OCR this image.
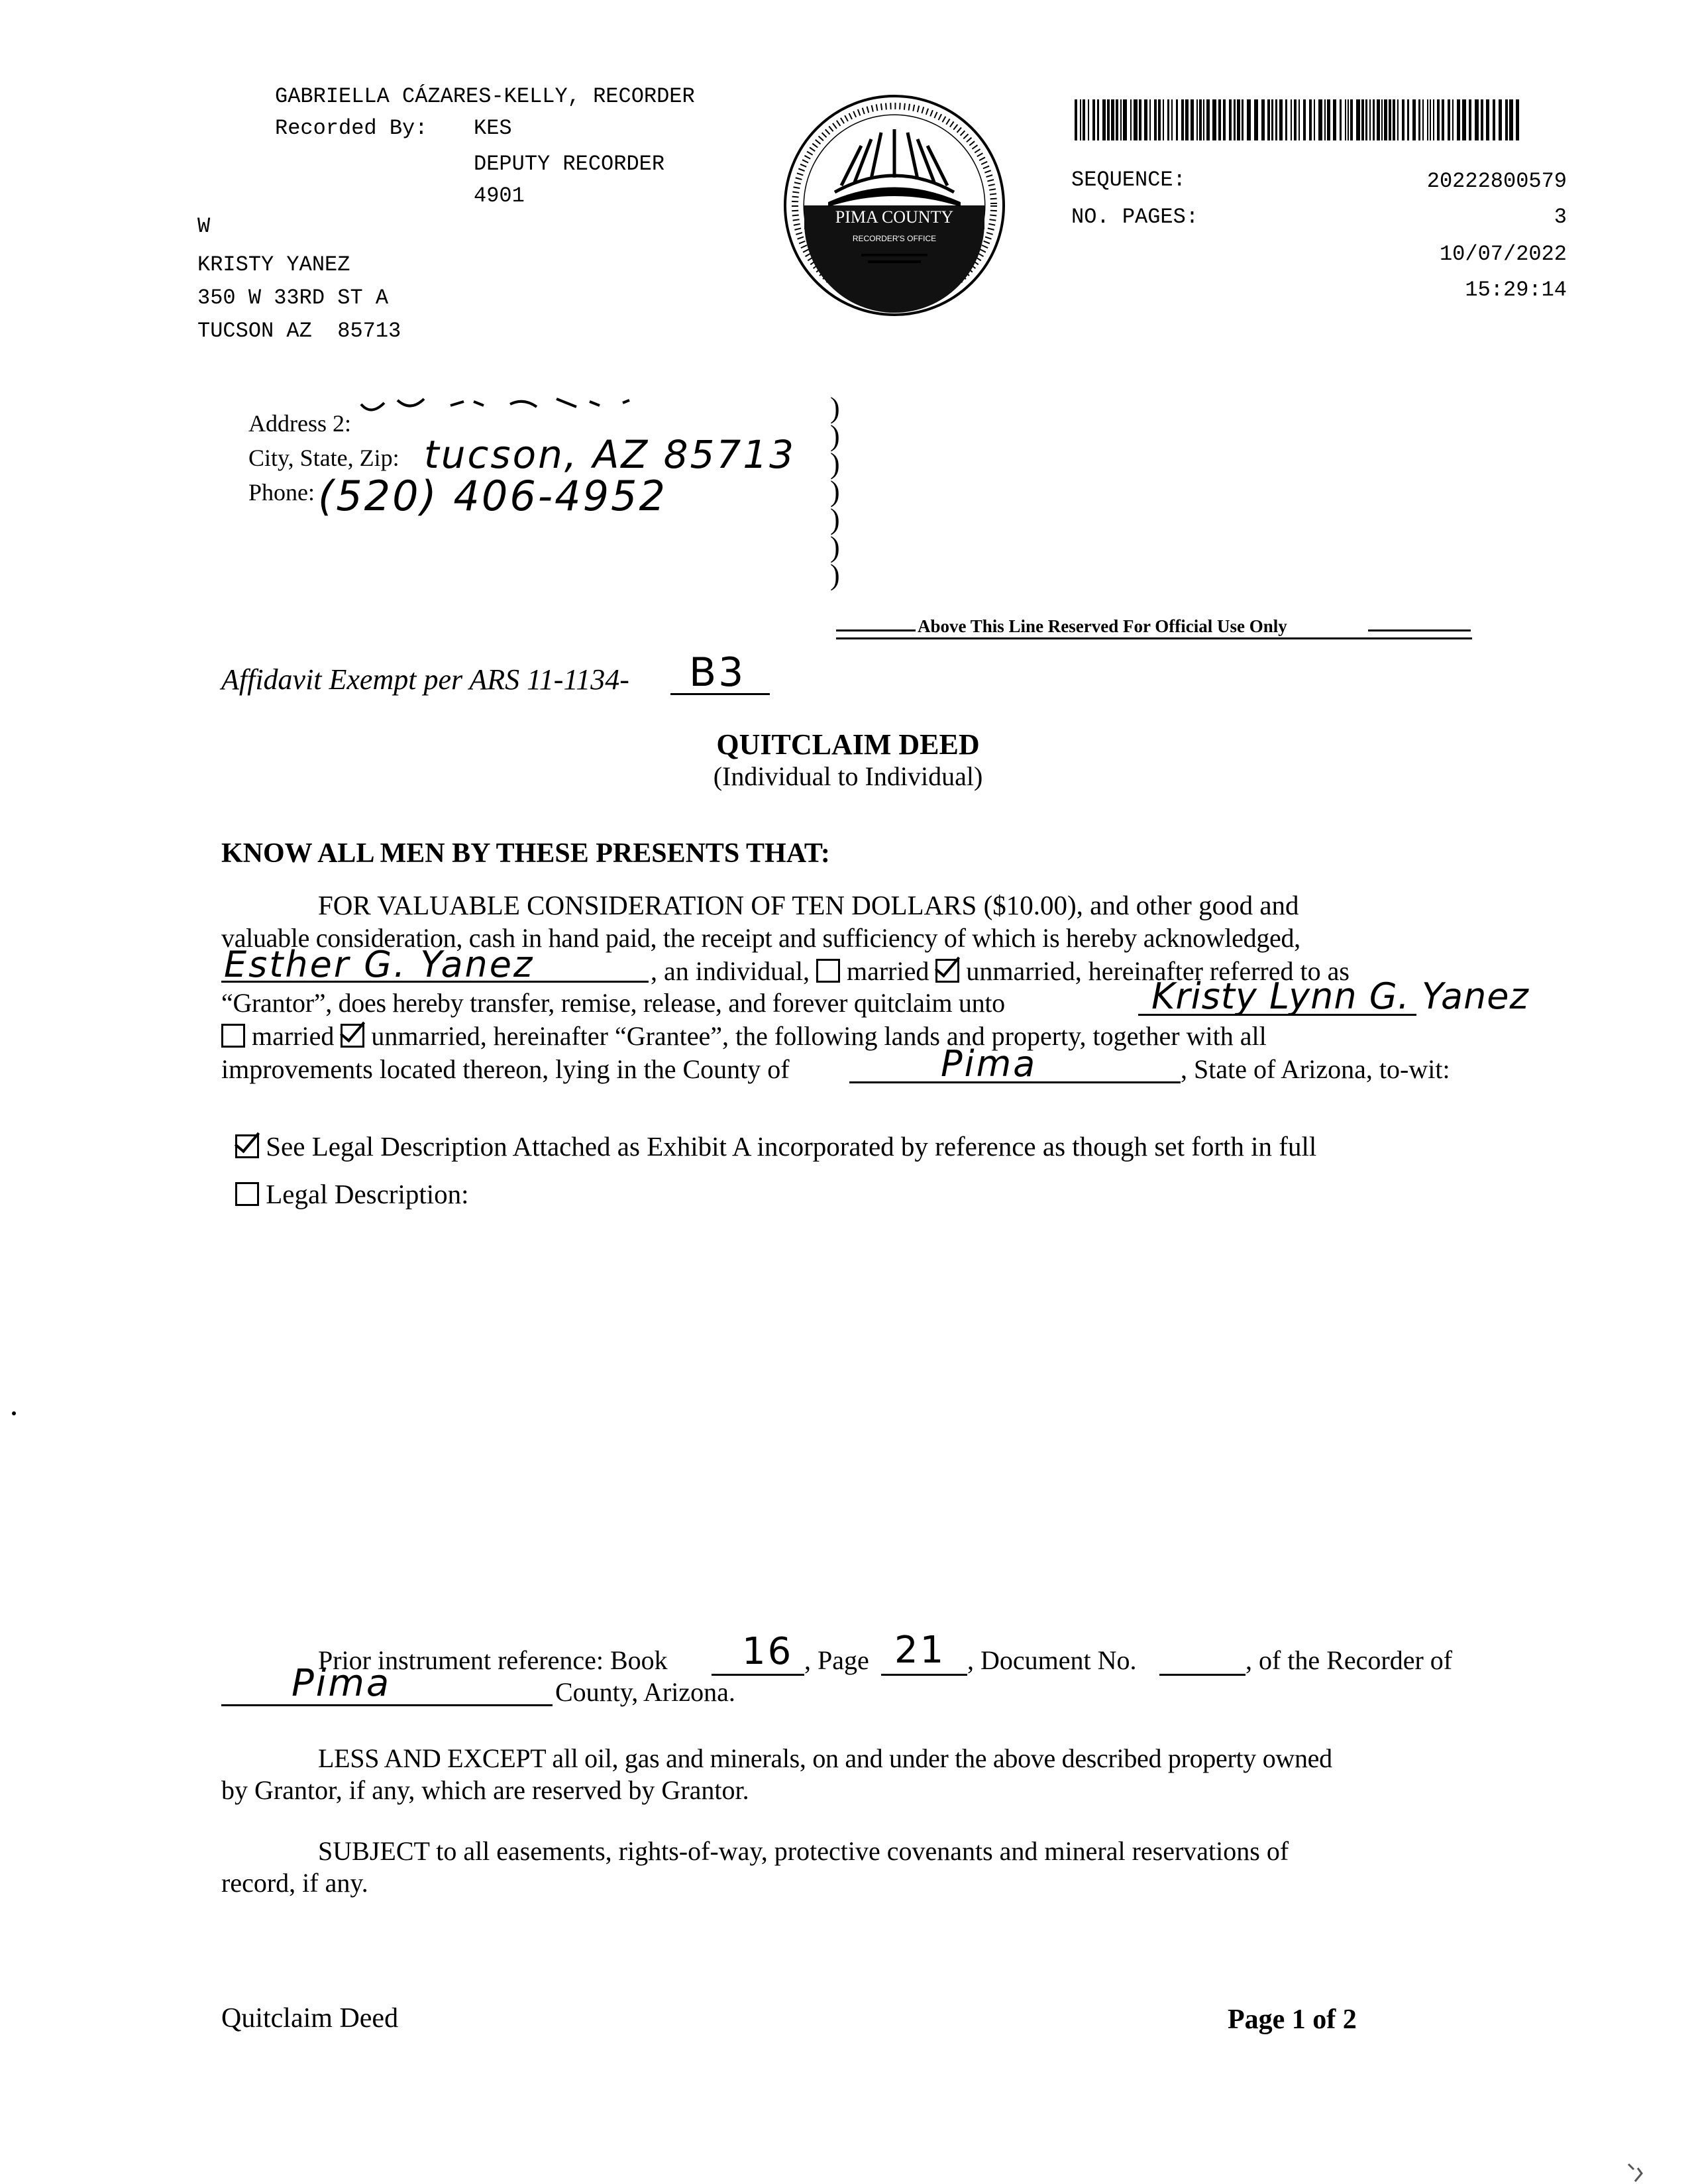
GABRIELLA CÁZARES-KELLY, RECORDER
Recorded By: KES
DEPUTY RECORDER
4901
W
KRISTY YANEZ
350 W 33RD ST A
TUCSON AZ 85713
PIMA COUNTY
RECORDER'S OFFICE
SEQUENCE:	20222800579
NO. PAGES:	3
10/07/2022
15:29:14
Address 2:
City, State, Zip: tucson, AZ 85713
Phone: (520) 406-4952
)
)
)
)
)
)
)
Above This Line Reserved For Official Use Only
Affidavit Exempt per ARS 11-1134- B3
QUITCLAIM DEED
(Individual to Individual)
KNOW ALL MEN BY THESE PRESENTS THAT:
FOR VALUABLE CONSIDERATION OF TEN DOLLARS ($10.00), and other good and
valuable consideration, cash in hand paid, the receipt and sufficiency of which is hereby acknowledged,
Esther G. Yanez	, an individual, married unmarried, hereinafter referred to as
“Grantor”, does hereby transfer, remise, release, and forever quitclaim unto	Kristy Lynn G. Yanez
married unmarried, hereinafter “Grantee”, the following lands and property, together with all
improvements located thereon, lying in the County of	Pima	, State of Arizona, to-wit:
See Legal Description Attached as Exhibit A incorporated by reference as though set forth in full
Legal Description:
Prior instrument reference: Book 16 , Page 21 , Document No.	, of the Recorder of
Pima	County, Arizona.
LESS AND EXCEPT all oil, gas and minerals, on and under the above described property owned
by Grantor, if any, which are reserved by Grantor.
SUBJECT to all easements, rights-of-way, protective covenants and mineral reservations of
record, if any.
Quitclaim Deed	Page 1 of 2
